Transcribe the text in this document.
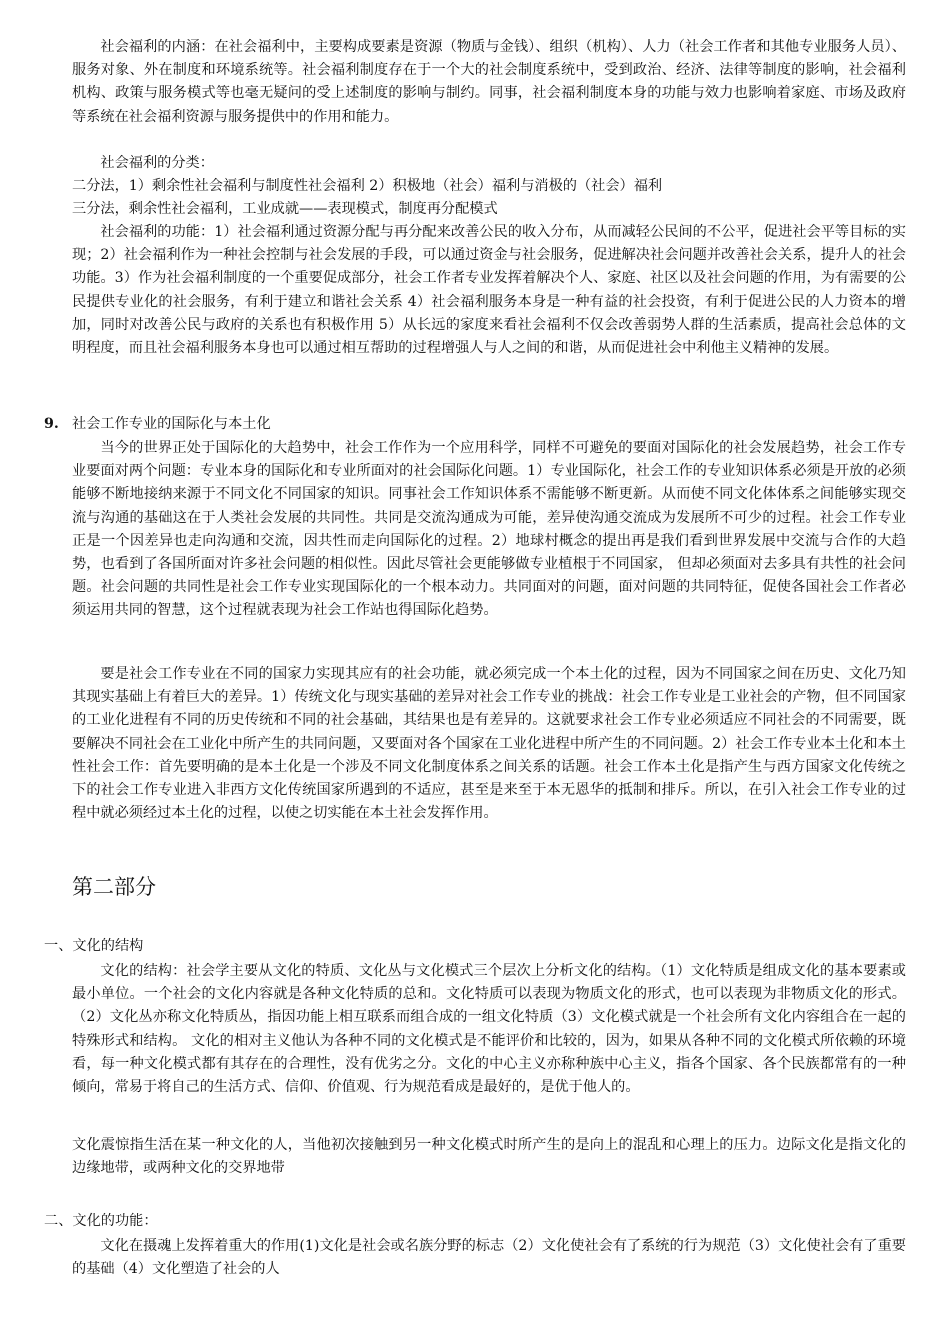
社会福利的内涵：在社会福利中，主要构成要素是资源（物质与金钱）、组织（机构）、人力（社会工作者和其他专业服务人员）、服务对象、外在制度和环境系统等。社会福利制度存在于一个大的社会制度系统中，受到政治、经济、法律等制度的影响，社会福利机构、政策与服务模式等也毫无疑问的受上述制度的影响与制约。同事，社会福利制度本身的功能与效力也影响着家庭、市场及政府等系统在社会福利资源与服务提供中的作用和能力。

社会福利的分类：

二分法，1）剩余性社会福利与制度性社会福利 2）积极地（社会）福利与消极的（社会）福利

三分法，剩余性社会福利，工业成就——表现模式，制度再分配模式

社会福利的功能：1）社会福利通过资源分配与再分配来改善公民的收入分布，从而减轻公民间的不公平，促进社会平等目标的实现；2）社会福利作为一种社会控制与社会发展的手段，可以通过资金与社会服务，促进解决社会问题并改善社会关系，提升人的社会功能。3）作为社会福利制度的一个重要促成部分，社会工作者专业发挥着解决个人、家庭、社区以及社会问题的作用，为有需要的公民提供专业化的社会服务，有利于建立和谐社会关系 4）社会福利服务本身是一种有益的社会投资，有利于促进公民的人力资本的增加，同时对改善公民与政府的关系也有积极作用 5）从长远的家度来看社会福利不仅会改善弱势人群的生活素质，提高社会总体的文明程度，而且社会福利服务本身也可以通过相互帮助的过程增强人与人之间的和谐，从而促进社会中利他主义精神的发展。

9. 社会工作专业的国际化与本土化

当今的世界正处于国际化的大趋势中，社会工作作为一个应用科学，同样不可避免的要面对国际化的社会发展趋势，社会工作专业要面对两个问题：专业本身的国际化和专业所面对的社会国际化问题。1）专业国际化，社会工作的专业知识体系必须是开放的必须能够不断地接纳来源于不同文化不同国家的知识。同事社会工作知识体系不需能够不断更新。从而使不同文化体体系之间能够实现交流与沟通的基础这在于人类社会发展的共同性。共同是交流沟通成为可能，差异使沟通交流成为发展所不可少的过程。社会工作专业正是一个因差异也走向沟通和交流，因共性而走向国际化的过程。2）地球村概念的提出再是我们看到世界发展中交流与合作的大趋势，也看到了各国所面对许多社会问题的相似性。因此尽管社会更能够做专业植根于不同国家， 但却必须面对去多具有共性的社会问题。社会问题的共同性是社会工作专业实现国际化的一个根本动力。共同面对的问题，面对问题的共同特征，促使各国社会工作者必须运用共同的智慧，这个过程就表现为社会工作站也得国际化趋势。

要是社会工作专业在不同的国家力实现其应有的社会功能，就必须完成一个本土化的过程，因为不同国家之间在历史、文化乃知其现实基础上有着巨大的差异。1）传统文化与现实基础的差异对社会工作专业的挑战：社会工作专业是工业社会的产物，但不同国家的工业化进程有不同的历史传统和不同的社会基础，其结果也是有差异的。这就要求社会工作专业必须适应不同社会的不同需要，既要解决不同社会在工业化中所产生的共同问题，又要面对各个国家在工业化进程中所产生的不同问题。2）社会工作专业本土化和本土性社会工作：首先要明确的是本土化是一个涉及不同文化制度体系之间关系的话题。社会工作本土化是指产生与西方国家文化传统之下的社会工作专业进入非西方文化传统国家所遇到的不适应，甚至是来至于本无恩华的抵制和排斥。所以，在引入社会工作专业的过程中就必须经过本土化的过程，以使之切实能在本土社会发挥作用。

第二部分
一、文化的结构

文化的结构：社会学主要从文化的特质、文化丛与文化模式三个层次上分析文化的结构。（1）文化特质是组成文化的基本要素或最小单位。一个社会的文化内容就是各种文化特质的总和。文化特质可以表现为物质文化的形式，也可以表现为非物质文化的形式。（2）文化丛亦称文化特质丛，指因功能上相互联系而组合成的一组文化特质（3）文化模式就是一个社会所有文化内容组合在一起的特殊形式和结构。 文化的相对主义他认为各种不同的文化模式是不能评价和比较的，因为，如果从各种不同的文化模式所依赖的环境看，每一种文化模式都有其存在的合理性，没有优劣之分。文化的中心主义亦称种族中心主义，指各个国家、各个民族都常有的一种倾向，常易于将自己的生活方式、信仰、价值观、行为规范看成是最好的，是优于他人的。

文化震惊指生活在某一种文化的人，当他初次接触到另一种文化模式时所产生的是向上的混乱和心理上的压力。边际文化是指文化的边缘地带，或两种文化的交界地带

二、文化的功能：

文化在摄魂上发挥着重大的作用(1)文化是社会或名族分野的标志（2）文化使社会有了系统的行为规范（3）文化使社会有了重要的基础（4）文化塑造了社会的人
